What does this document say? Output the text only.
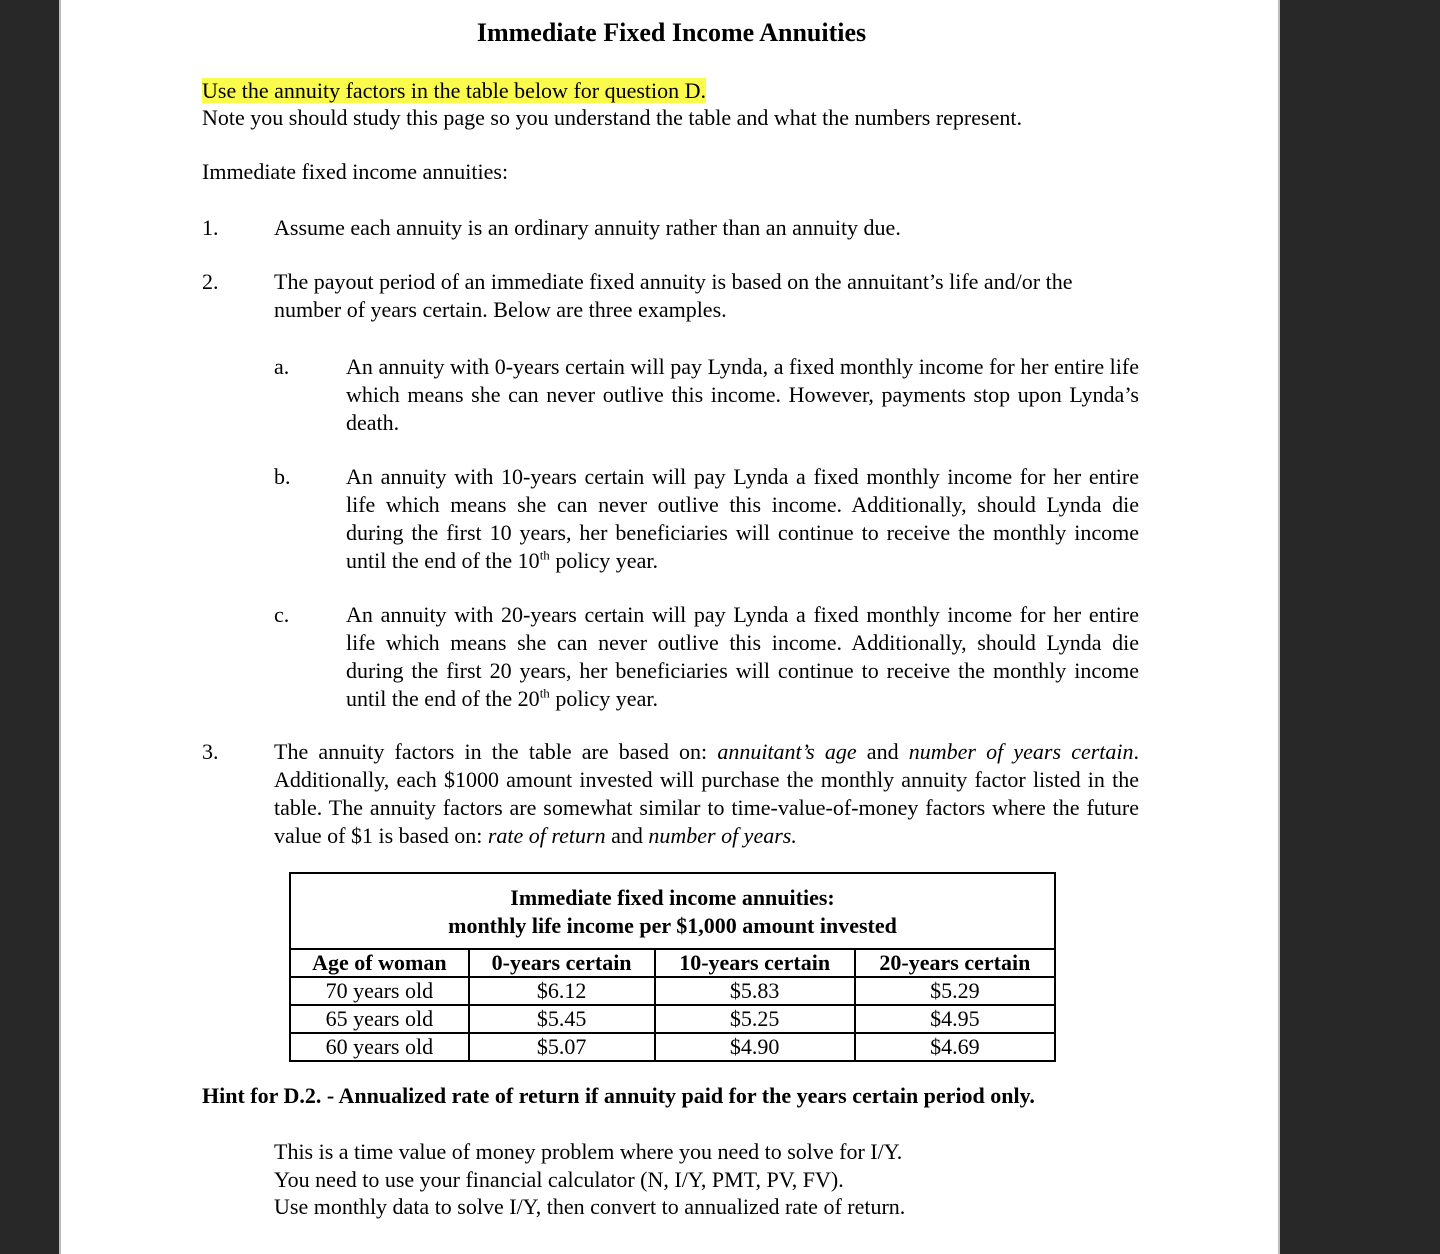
Immediate Fixed Income Annuities
Use the annuity factors in the table below for question D.
Note you should study this page so you understand the table and what the numbers represent.
Immediate fixed income annuities:
1.	Assume each annuity is an ordinary annuity rather than an annuity due.
2.	The payout period of an immediate fixed annuity is based on the annuitant’s life and/or the number of years certain. Below are three examples.
a.	An annuity with 0-years certain will pay Lynda, a fixed monthly income for her entire life which means she can never outlive this income. However, payments stop upon Lynda’s death.
b.	An annuity with 10-years certain will pay Lynda a fixed monthly income for her entire life which means she can never outlive this income. Additionally, should Lynda die during the first 10 years, her beneficiaries will continue to receive the monthly income until the end of the 10th policy year.
c.	An annuity with 20-years certain will pay Lynda a fixed monthly income for her entire life which means she can never outlive this income. Additionally, should Lynda die during the first 20 years, her beneficiaries will continue to receive the monthly income until the end of the 20th policy year.
3.	The annuity factors in the table are based on: annuitant’s age and number of years certain. Additionally, each $1000 amount invested will purchase the monthly annuity factor listed in the table. The annuity factors are somewhat similar to time-value-of-money factors where the future value of $1 is based on: rate of return and number of years.
Immediate fixed income annuities:
monthly life income per $1,000 amount invested			
Age of woman	0-years certain	10-years certain	20-years certain
70 years old	$6.12	$5.83	$5.29
65 years old	$5.45	$5.25	$4.95
60 years old	$5.07	$4.90	$4.69
Hint for D.2. - Annualized rate of return if annuity paid for the years certain period only.
This is a time value of money problem where you need to solve for I/Y.
You need to use your financial calculator (N, I/Y, PMT, PV, FV).
Use monthly data to solve I/Y, then convert to annualized rate of return.
